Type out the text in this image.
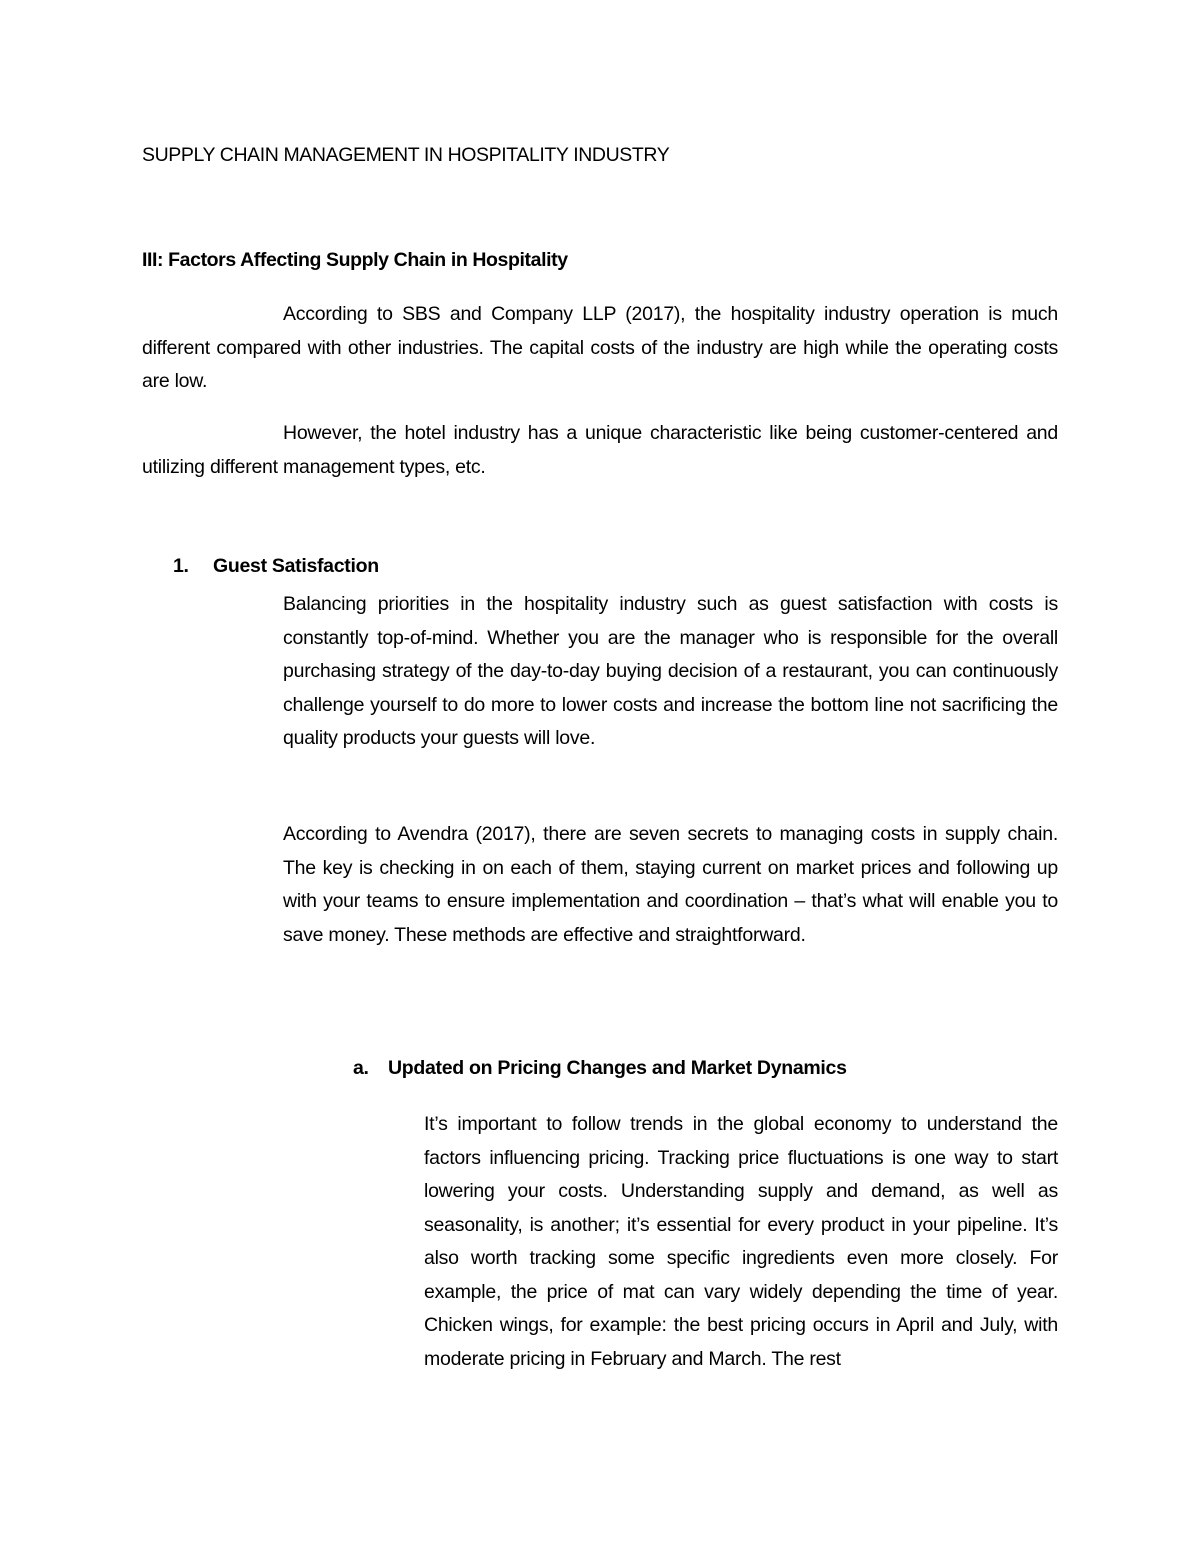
SUPPLY CHAIN MANAGEMENT IN HOSPITALITY INDUSTRY
III: Factors Affecting Supply Chain in Hospitality

According to SBS and Company LLP (2017), the hospitality industry operation is much different compared with other industries. The capital costs of the industry are high while the operating costs are low.

However, the hotel industry has a unique characteristic like being customer-centered and utilizing different management types, etc.

1. Guest Satisfaction

Balancing priorities in the hospitality industry such as guest satisfaction with costs is constantly top-of-mind. Whether you are the manager who is responsible for the overall purchasing strategy of the day-to-day buying decision of a restaurant, you can continuously challenge yourself to do more to lower costs and increase the bottom line not sacrificing the quality products your guests will love.

According to Avendra (2017), there are seven secrets to managing costs in supply chain. The key is checking in on each of them, staying current on market prices and following up with your teams to ensure implementation and coordination – that’s what will enable you to save money. These methods are effective and straightforward.

a. Updated on Pricing Changes and Market Dynamics

It’s important to follow trends in the global economy to understand the factors influencing pricing. Tracking price fluctuations is one way to start lowering your costs. Understanding supply and demand, as well as seasonality, is another; it’s essential for every product in your pipeline. It’s also worth tracking some specific ingredients even more closely. For example, the price of mat can vary widely depending the time of year. Chicken wings, for example: the best pricing occurs in April and July, with moderate pricing in February and March. The rest
